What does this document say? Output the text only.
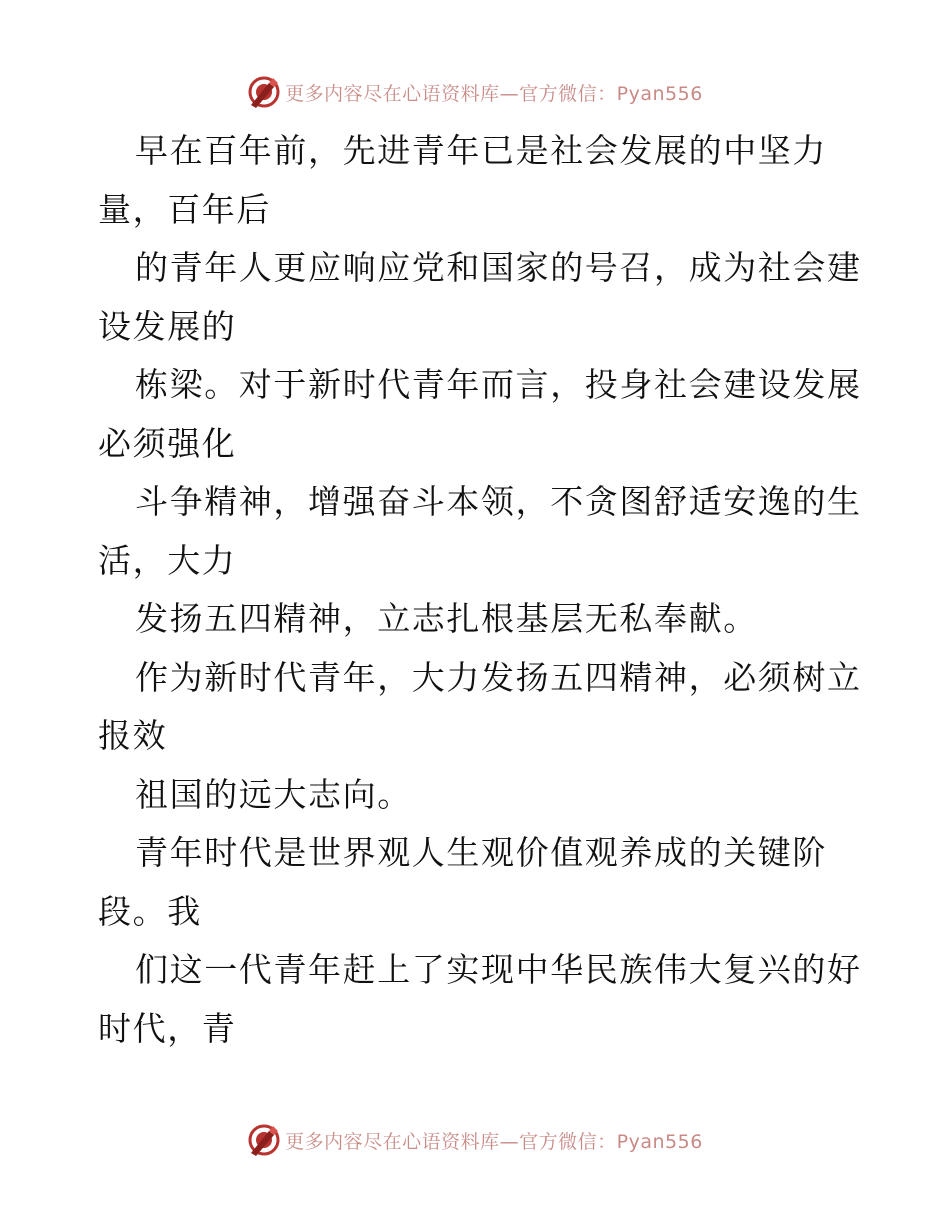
更多内容尽在心语资料库—官方微信：Pyan556
早在百年前，先进青年已是社会发展的中坚力
量，百年后
的青年人更应响应党和国家的号召，成为社会建
设发展的
栋梁。对于新时代青年而言，投身社会建设发展
必须强化
斗争精神，增强奋斗本领，不贪图舒适安逸的生
活，大力
发扬五四精神，立志扎根基层无私奉献。
作为新时代青年，大力发扬五四精神，必须树立
报效
祖国的远大志向。
青年时代是世界观人生观价值观养成的关键阶
段。我
们这一代青年赶上了实现中华民族伟大复兴的好
时代，青
更多内容尽在心语资料库—官方微信：Pyan556
